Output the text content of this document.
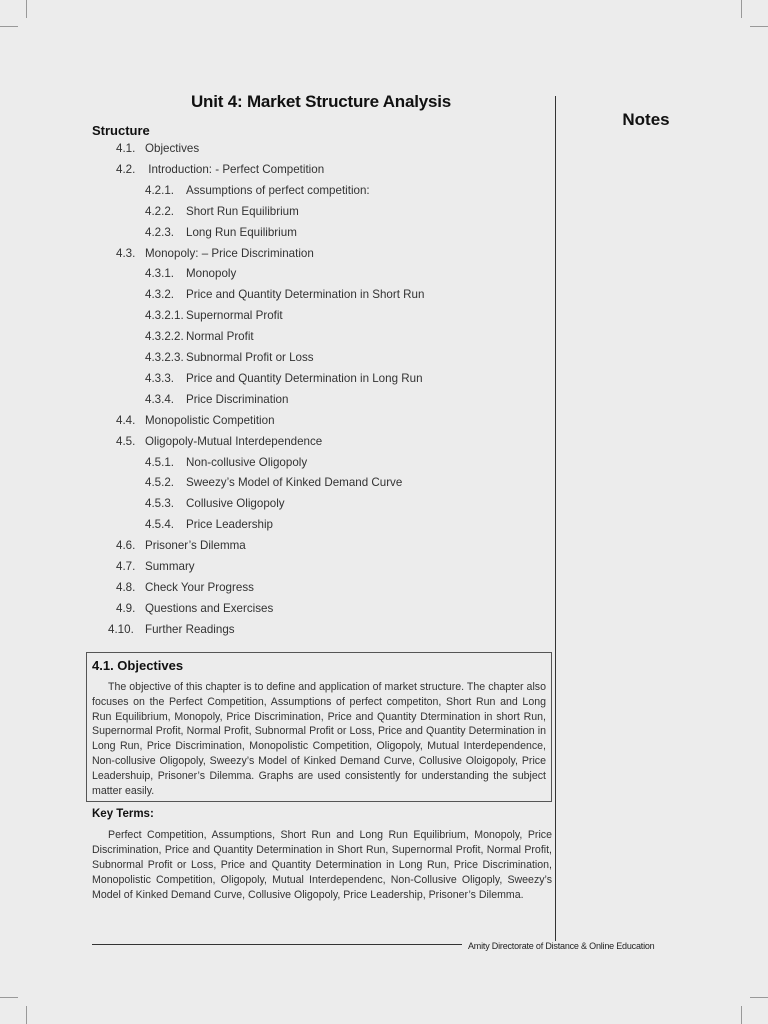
Unit 4: Market Structure Analysis
Notes
Structure
4.1. Objectives
4.2. Introduction: - Perfect Competition
4.2.1. Assumptions of perfect competition:
4.2.2. Short Run Equilibrium
4.2.3. Long Run Equilibrium
4.3. Monopoly: – Price Discrimination
4.3.1. Monopoly
4.3.2. Price and Quantity Determination in Short Run
4.3.2.1. Supernormal Profit
4.3.2.2. Normal Profit
4.3.2.3. Subnormal Profit or Loss
4.3.3. Price and Quantity Determination in Long Run
4.3.4. Price Discrimination
4.4. Monopolistic Competition
4.5. Oligopoly-Mutual Interdependence
4.5.1. Non-collusive Oligopoly
4.5.2. Sweezy’s Model of Kinked Demand Curve
4.5.3. Collusive Oligopoly
4.5.4. Price Leadership
4.6. Prisoner’s Dilemma
4.7. Summary
4.8. Check Your Progress
4.9. Questions and Exercises
4.10. Further Readings
4.1. Objectives

The objective of this chapter is to define and application of market structure. The chapter also focuses on the Perfect Competition, Assumptions of perfect competiton, Short Run and Long Run Equilibrium, Monopoly, Price Discrimination, Price and Quantity Dtermination in short Run, Supernormal Profit, Normal Profit, Subnormal Profit or Loss, Price and Quantity Determination in Long Run, Price Discrimination, Monopolistic Competition, Oligopoly, Mutual Interdependence, Non-collusive Oligopoly, Sweezy’s Model of Kinked Demand Curve, Collusive Oloigopoly, Price Leadershuip, Prisoner’s Dilemma. Graphs are used consistently for understanding the subject matter easily.

Key Terms:

Perfect Competition, Assumptions, Short Run and Long Run Equilibrium, Monopoly, Price Discrimination, Price and Quantity Determination in Short Run, Supernormal Profit, Normal Profit, Subnormal Profit or Loss, Price and Quantity Determination in Long Run, Price Discrimination, Monopolistic Competition, Oligopoly, Mutual Interdependenc, Non-Collusive Oligoply, Sweezy’s Model of Kinked Demand Curve, Collusive Oligopoly, Price Leadership, Prisoner’s Dilemma.

Amity Directorate of Distance & Online Education
